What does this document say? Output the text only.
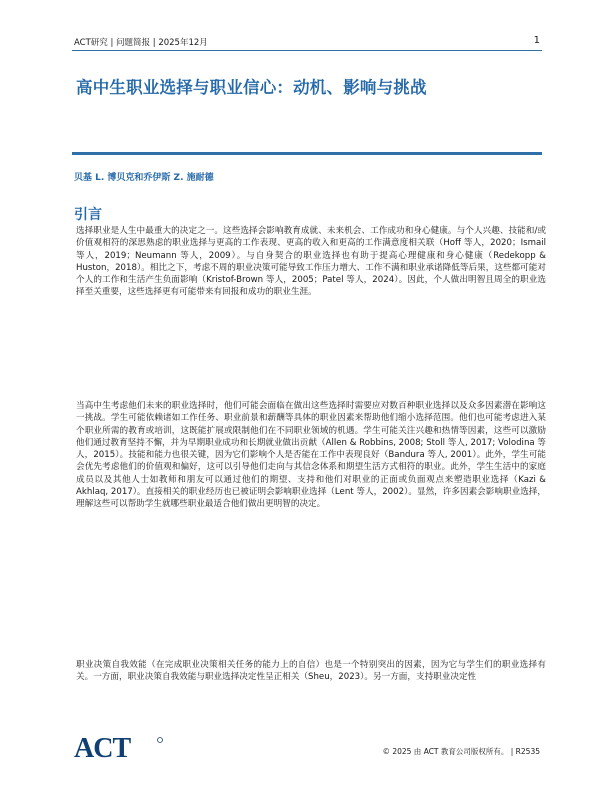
ACT研究 | 问题简报 | 2025年12月	1
高中生职业选择与职业信心：动机、影响与挑战
贝基 L. 博贝克和乔伊斯 Z. 施耐德
引言

选择职业是人生中最重大的决定之一。这些选择会影响教育成就、未来机会、工作成功和身心健康。与个人兴趣、技能和/或价值观相符的深思熟虑的职业选择与更高的工作表现、更高的收入和更高的工作满意度相关联（Hoff 等人，2020；Ismail 等人，2019；Neumann 等人，2009）。与自身契合的职业选择也有助于提高心理健康和身心健康（Redekopp & Huston，2018）。相比之下，考虑不周的职业决策可能导致工作压力增大、工作不满和职业承诺降低等后果，这些都可能对个人的工作和生活产生负面影响（Kristof-Brown 等人，2005；Patel 等人，2024）。因此，个人做出明智且周全的职业选择至关重要，这些选择更有可能带来有回报和成功的职业生涯。

当高中生考虑他们未来的职业选择时，他们可能会面临在做出这些选择时需要应对数百种职业选择以及众多因素潜在影响这一挑战。学生可能依赖诸如工作任务、职业前景和薪酬等具体的职业因素来帮助他们缩小选择范围。他们也可能考虑进入某个职业所需的教育或培训，这既能扩展或限制他们在不同职业领域的机遇。学生可能关注兴趣和热情等因素，这些可以激励他们通过教育坚持不懈，并为早期职业成功和长期就业做出贡献（Allen & Robbins, 2008; Stoll 等人, 2017; Volodina 等人，2015）。技能和能力也很关键，因为它们影响个人是否能在工作中表现良好（Bandura 等人, 2001）。此外，学生可能会优先考虑他们的价值观和偏好，这可以引导他们走向与其信念体系和期望生活方式相符的职业。此外，学生生活中的家庭成员以及其他人士如教师和朋友可以通过他们的期望、支持和他们对职业的正面或负面观点来塑造职业选择（Kazi & Akhlaq, 2017）。直接相关的职业经历也已被证明会影响职业选择（Lent 等人，2002）。显然，许多因素会影响职业选择，理解这些可以帮助学生就哪些职业最适合他们做出更明智的决定。

职业决策自我效能（在完成职业决策相关任务的能力上的自信）也是一个特别突出的因素，因为它与学生们的职业选择有关。一方面，职业决策自我效能与职业选择决定性呈正相关（Sheu，2023）。另一方面，支持职业决定性

ACT	© 2025 由 ACT 教育公司版权所有。 | R2535
